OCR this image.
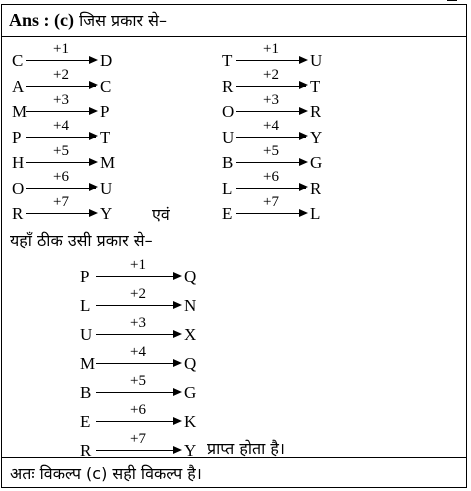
Ans : (c) जिस प्रकार से–
C
+1
D
A
+2
C
M
+3
P
P
+4
T
H
+5
M
O
+6
U
R
+7
Y
T
+1
U
R
+2
T
O
+3
R
U
+4
Y
B
+5
G
L
+6
R
E
+7
L
एवं
यहाँ ठीक उसी प्रकार से–
P
+1
Q
L
+2
N
U
+3
X
M
+4
Q
B
+5
G
E
+6
K
R
+7
Y प्राप्त होता है।
अतः विकल्प (c) सही विकल्प है।
